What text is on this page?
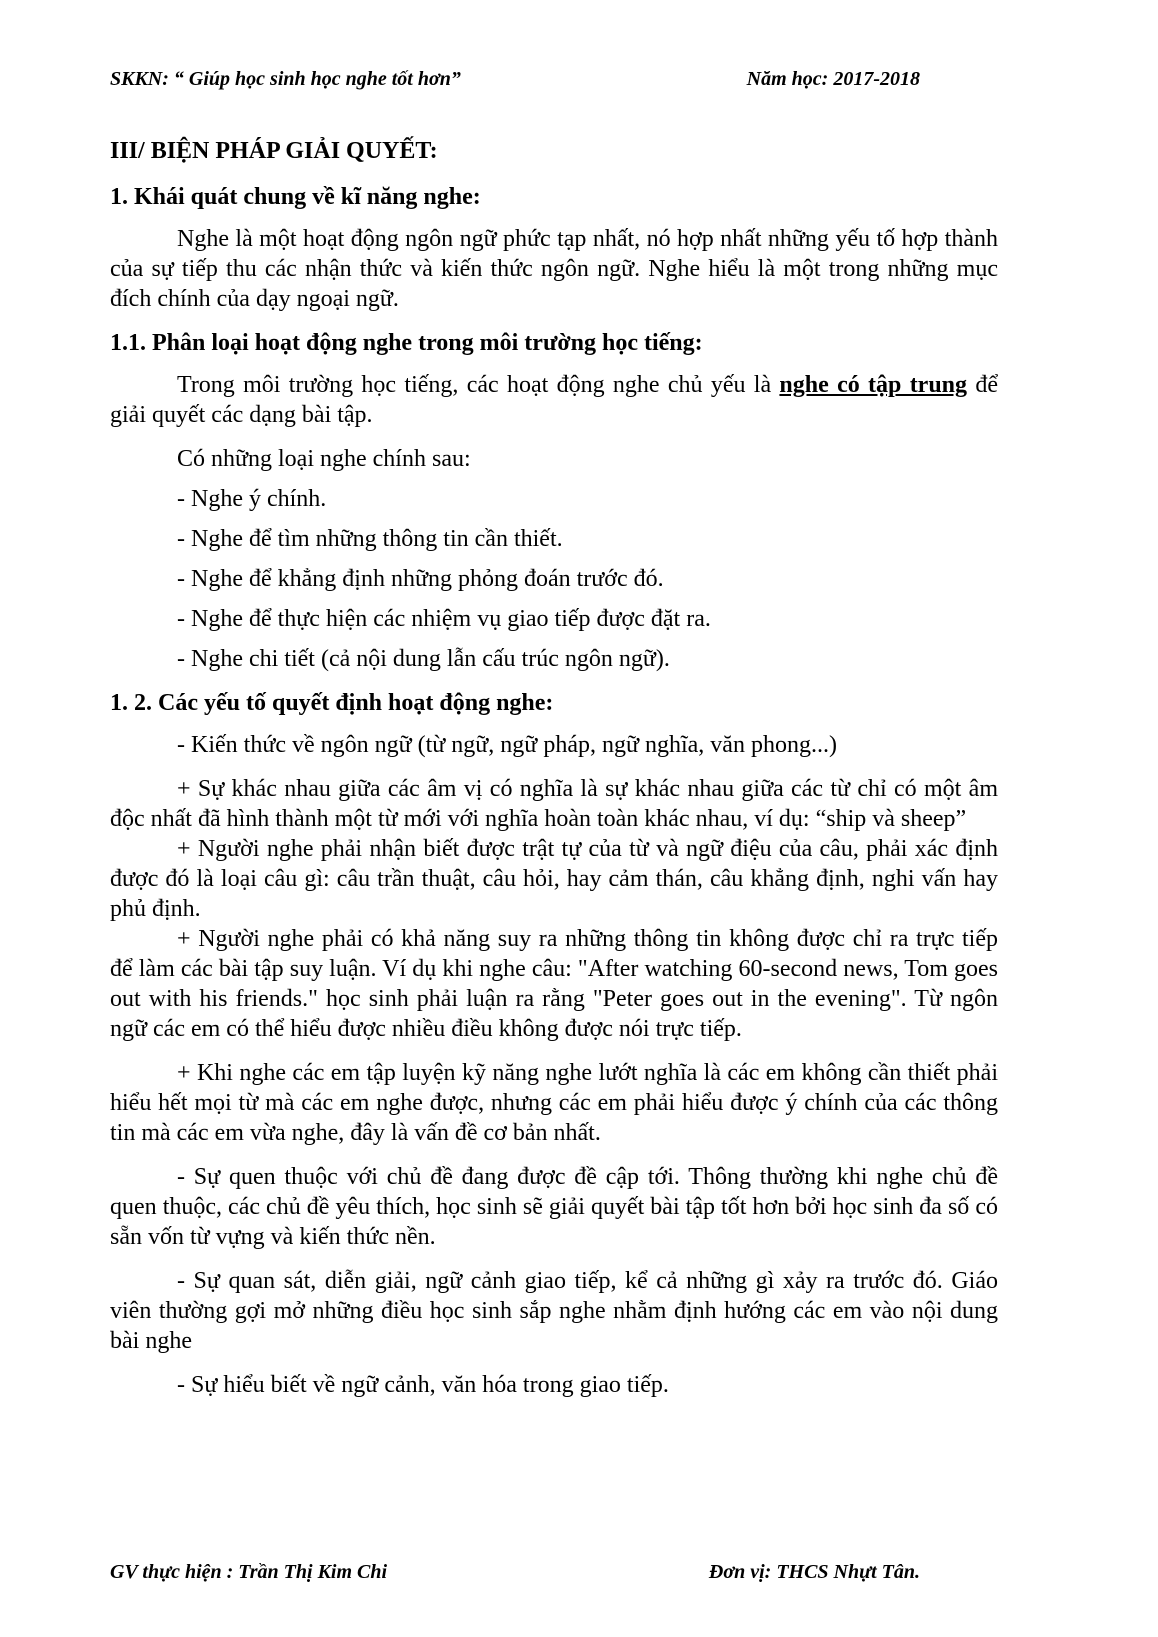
SKKN: “ Giúp học sinh học nghe tốt hơn”	Năm học: 2017-2018
III/ BIỆN PHÁP GIẢI QUYẾT:
1. Khái quát chung về kĩ năng nghe:

Nghe là một hoạt động ngôn ngữ phức tạp nhất, nó hợp nhất những yếu tố hợp thành của sự tiếp thu các nhận thức và kiến thức ngôn ngữ. Nghe hiểu là một trong những mục đích chính của dạy ngoại ngữ.

1.1. Phân loại hoạt động nghe trong môi trường học tiếng:

Trong môi trường học tiếng, các hoạt động nghe chủ yếu là nghe có tập trung để giải quyết các dạng bài tập.

Có những loại nghe chính sau:

- Nghe ý chính.

- Nghe để tìm những thông tin cần thiết.

- Nghe để khẳng định những phỏng đoán trước đó.

- Nghe để thực hiện các nhiệm vụ giao tiếp được đặt ra.

- Nghe chi tiết (cả nội dung lẫn cấu trúc ngôn ngữ).

1. 2. Các yếu tố quyết định hoạt động nghe:

- Kiến thức về ngôn ngữ (từ ngữ, ngữ pháp, ngữ nghĩa, văn phong...)

+ Sự khác nhau giữa các âm vị có nghĩa là sự khác nhau giữa các từ chỉ có một âm độc nhất đã hình thành một từ mới với nghĩa hoàn toàn khác nhau, ví dụ: “ship và sheep”

+ Người nghe phải nhận biết được trật tự của từ và ngữ điệu của câu, phải xác định được đó là loại câu gì: câu trần thuật, câu hỏi, hay cảm thán, câu khẳng định, nghi vấn hay phủ định.

+ Người nghe phải có khả năng suy ra những thông tin không được chỉ ra trực tiếp để làm các bài tập suy luận. Ví dụ khi nghe câu: "After watching 60-second news, Tom goes out with his friends." học sinh phải luận ra rằng "Peter goes out in the evening". Từ ngôn ngữ các em có thể hiểu được nhiều điều không được nói trực tiếp.

+ Khi nghe các em tập luyện kỹ năng nghe lướt nghĩa là các em không cần thiết phải hiểu hết mọi từ mà các em nghe được, nhưng các em phải hiểu được ý chính của các thông tin mà các em vừa nghe, đây là vấn đề cơ bản nhất.

- Sự quen thuộc với chủ đề đang được đề cập tới. Thông thường khi nghe chủ đề quen thuộc, các chủ đề yêu thích, học sinh sẽ giải quyết bài tập tốt hơn bởi học sinh đa số có sẵn vốn từ vựng và kiến thức nền.

- Sự quan sát, diễn giải, ngữ cảnh giao tiếp, kể cả những gì xảy ra trước đó. Giáo viên thường gợi mở những điều học sinh sắp nghe nhằm định hướng các em vào nội dung bài nghe

- Sự hiểu biết về ngữ cảnh, văn hóa trong giao tiếp.

GV thực hiện : Trần Thị Kim Chi	Đơn vị: THCS Nhựt Tân.
